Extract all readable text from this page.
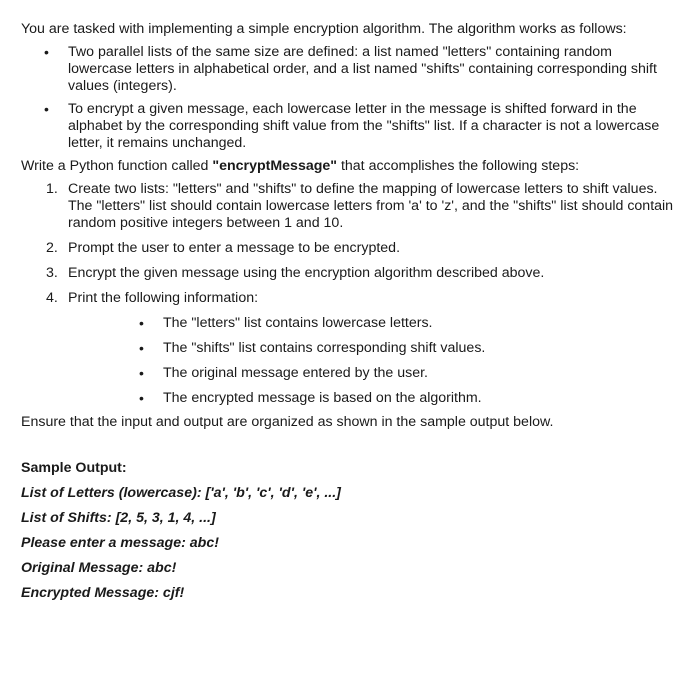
You are tasked with implementing a simple encryption algorithm. The algorithm works as follows:

• Two parallel lists of the same size are defined: a list named "letters" containing random lowercase letters in alphabetical order, and a list named "shifts" containing corresponding shift values (integers).
• To encrypt a given message, each lowercase letter in the message is shifted forward in the alphabet by the corresponding shift value from the "shifts" list. If a character is not a lowercase letter, it remains unchanged.

Write a Python function called "encryptMessage" that accomplishes the following steps:

1. Create two lists: "letters" and "shifts" to define the mapping of lowercase letters to shift values. The "letters" list should contain lowercase letters from 'a' to 'z', and the "shifts" list should contain random positive integers between 1 and 10.
2. Prompt the user to enter a message to be encrypted.
3. Encrypt the given message using the encryption algorithm described above.
4. Print the following information:
• The "letters" list contains lowercase letters.
• The "shifts" list contains corresponding shift values.
• The original message entered by the user.
• The encrypted message is based on the algorithm.

Ensure that the input and output are organized as shown in the sample output below.

Sample Output:

List of Letters (lowercase): ['a', 'b', 'c', 'd', 'e', ...]

List of Shifts: [2, 5, 3, 1, 4, ...]

Please enter a message: abc!

Original Message: abc!

Encrypted Message: cjf!
